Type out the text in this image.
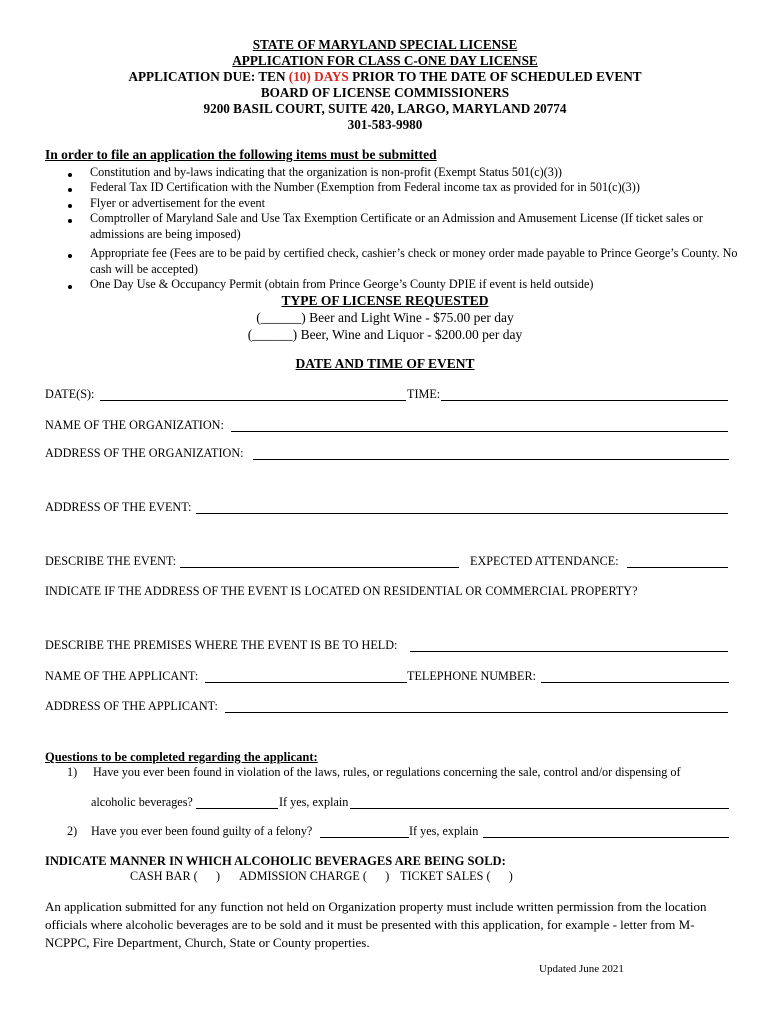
STATE OF MARYLAND SPECIAL LICENSE
APPLICATION FOR CLASS C-ONE DAY LICENSE
APPLICATION DUE: TEN (10) DAYS PRIOR TO THE DATE OF SCHEDULED EVENT
BOARD OF LICENSE COMMISSIONERS
9200 BASIL COURT, SUITE 420, LARGO, MARYLAND 20774
301-583-9980
In order to file an application the following items must be submitted
Constitution and by-laws indicating that the organization is non-profit (Exempt Status 501(c)(3))
Federal Tax ID Certification with the Number (Exemption from Federal income tax as provided for in 501(c)(3))
Flyer or advertisement for the event
Comptroller of Maryland Sale and Use Tax Exemption Certificate or an Admission and Amusement License (If ticket sales or admissions are being imposed)
Appropriate fee (Fees are to be paid by certified check, cashier’s check or money order made payable to Prince George’s County. No cash will be accepted)
One Day Use & Occupancy Permit (obtain from Prince George’s County DPIE if event is held outside)
TYPE OF LICENSE REQUESTED
(______) Beer and Light Wine - $75.00 per day
(______) Beer, Wine and Liquor - $200.00 per day
DATE AND TIME OF EVENT
DATE(S):	TIME:
NAME OF THE ORGANIZATION:
ADDRESS OF THE ORGANIZATION:
ADDRESS OF THE EVENT:
DESCRIBE THE EVENT:	EXPECTED ATTENDANCE:
INDICATE IF THE ADDRESS OF THE EVENT IS LOCATED ON RESIDENTIAL OR COMMERCIAL PROPERTY?
DESCRIBE THE PREMISES WHERE THE EVENT IS BE TO HELD:
NAME OF THE APPLICANT:	TELEPHONE NUMBER:
ADDRESS OF THE APPLICANT:
Questions to be completed regarding the applicant:
1) Have you ever been found in violation of the laws, rules, or regulations concerning the sale, control and/or dispensing of
alcoholic beverages?	If yes, explain
2) Have you ever been found guilty of a felony?	If yes, explain
INDICATE MANNER IN WHICH ALCOHOLIC BEVERAGES ARE BEING SOLD:
CASH BAR (      ) ADMISSION CHARGE (      ) TICKET SALES (      )
An application submitted for any function not held on Organization property must include written permission from the location officials where alcoholic beverages are to be sold and it must be presented with this application, for example - letter from M-NCPPC, Fire Department, Church, State or County properties.
Updated June 2021
